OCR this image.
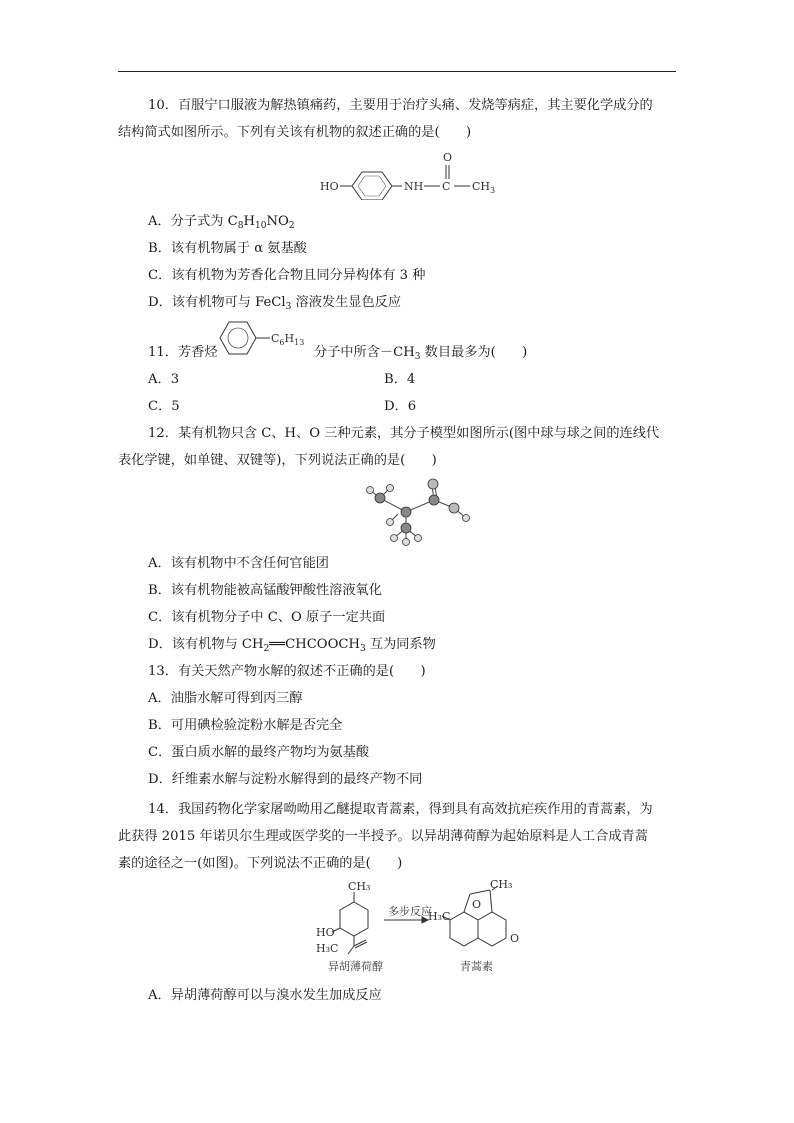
10．百服宁口服液为解热镇痛药，主要用于治疗头痛、发烧等病症，其主要化学成分的
结构简式如图所示。下列有关该有机物的叙述正确的是(　　)
HO	NH C
O
$CH_3$
A．分子式为 $C_8H_{10}NO_2$
B．该有机物属于 α 氨基酸
C．该有机物为芳香化合物且同分异构体有 3 种
D．该有机物可与 FeCl$_3$ 溶液发生显色反应
11．芳香烃
$C_6H_{13}$
分子中所含$-CH_3$ 数目最多为(　　)
A．3	B．4
C．5	D．6
12．某有机物只含 C、H、O 三种元素，其分子模型如图所示(图中球与球之间的连线代
表化学键，如单键、双键等)，下列说法正确的是(　　)
A．该有机物中不含任何官能团
B．该有机物能被高锰酸钾酸性溶液氧化
C．该有机物分子中 C、O 原子一定共面
D．该有机物与 $CH_2══CHCOOCH_3$ 互为同系物
13．有关天然产物水解的叙述不正确的是(　　)
A．油脂水解可得到丙三醇
B．可用碘检验淀粉水解是否完全
C．蛋白质水解的最终产物均为氨基酸
D．纤维素水解与淀粉水解得到的最终产物不同
14．我国药物化学家屠呦呦用乙醚提取青蒿素，得到具有高效抗疟疾作用的青蒿素，为
此获得 2015 年诺贝尔生理或医学奖的一半授予。以异胡薄荷醇为起始原料是人工合成青蒿
素的途径之一(如图)。下列说法不正确的是(　　)
CH₃
HO
H₃C
多步反应
CH₃
H₃C
O
O
异胡薄荷醇	青蒿素
A．异胡薄荷醇可以与溴水发生加成反应
